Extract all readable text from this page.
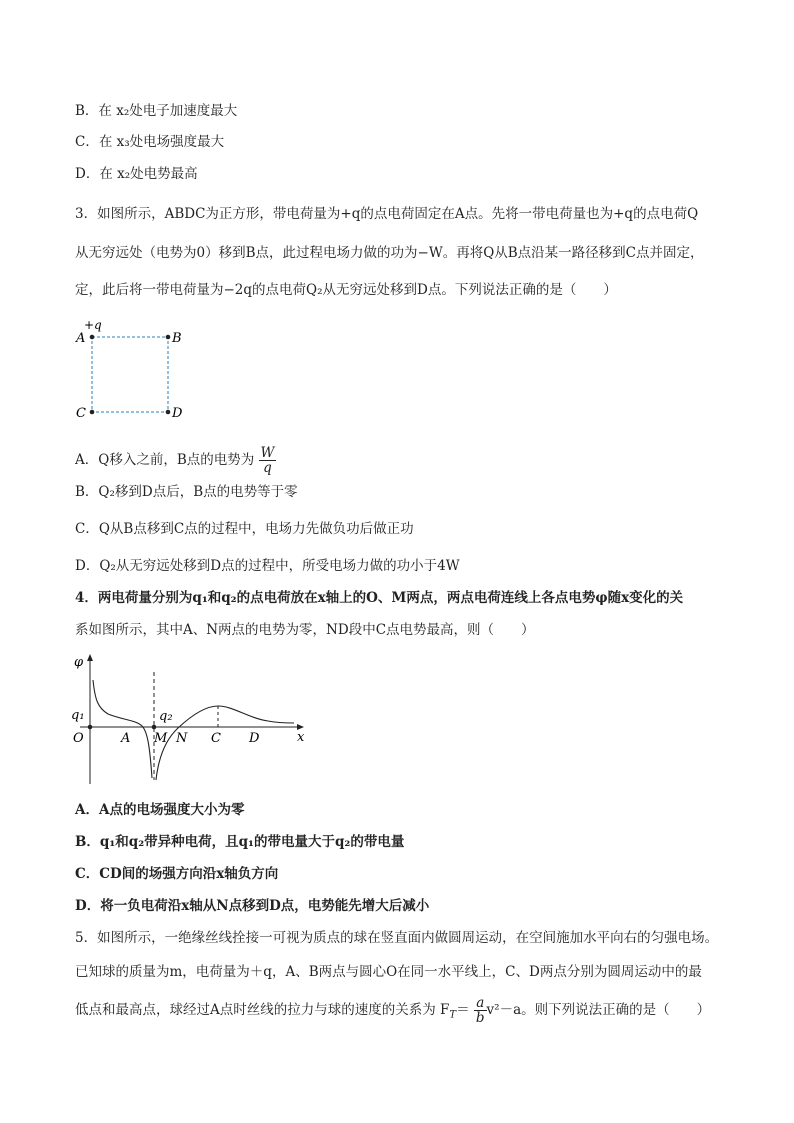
B．在 x₂处电子加速度最大
C．在 x₃处电场强度最大
D．在 x₂处电势最高
3．如图所示，ABDC为正方形，带电荷量为+q的点电荷固定在A点。先将一带电荷量也为+q的点电荷Q
从无穷远处（电势为0）移到B点，此过程电场力做的功为−W。再将Q从B点沿某一路径移到C点并固定，
定，此后将一带电荷量为−2q的点电荷Q₂从无穷远处移到D点。下列说法正确的是（　　）
+q
A	B
C	D
A．Q移入之前，B点的电势为 $\frac{W}{q}$
B．Q₂移到D点后，B点的电势等于零
C．Q从B点移到C点的过程中，电场力先做负功后做正功
D．Q₂从无穷远处移到D点的过程中，所受电场力做的功小于4W
4．两电荷量分别为q₁和q₂的点电荷放在x轴上的O、M两点，两点电荷连线上各点电势φ随x变化的关
系如图所示，其中A、N两点的电势为零，ND段中C点电势最高，则（　　）
φ
q₁	q₂
O	A M N C D	x
A．A点的电场强度大小为零
B．q₁和q₂带异种电荷，且q₁的带电量大于q₂的带电量
C．CD间的场强方向沿x轴负方向
D．将一负电荷沿x轴从N点移到D点，电势能先增大后减小
5．如图所示，一绝缘丝线拴接一可视为质点的球在竖直面内做圆周运动，在空间施加水平向右的匀强电场。
已知球的质量为m，电荷量为＋q，A、B两点与圆心O在同一水平线上，C、D两点分别为圆周运动中的最
低点和最高点，球经过A点时丝线的拉力与球的速度的关系为 $F_T= \frac{a}{b} v^2-a$。则下列说法正确的是（　　）
